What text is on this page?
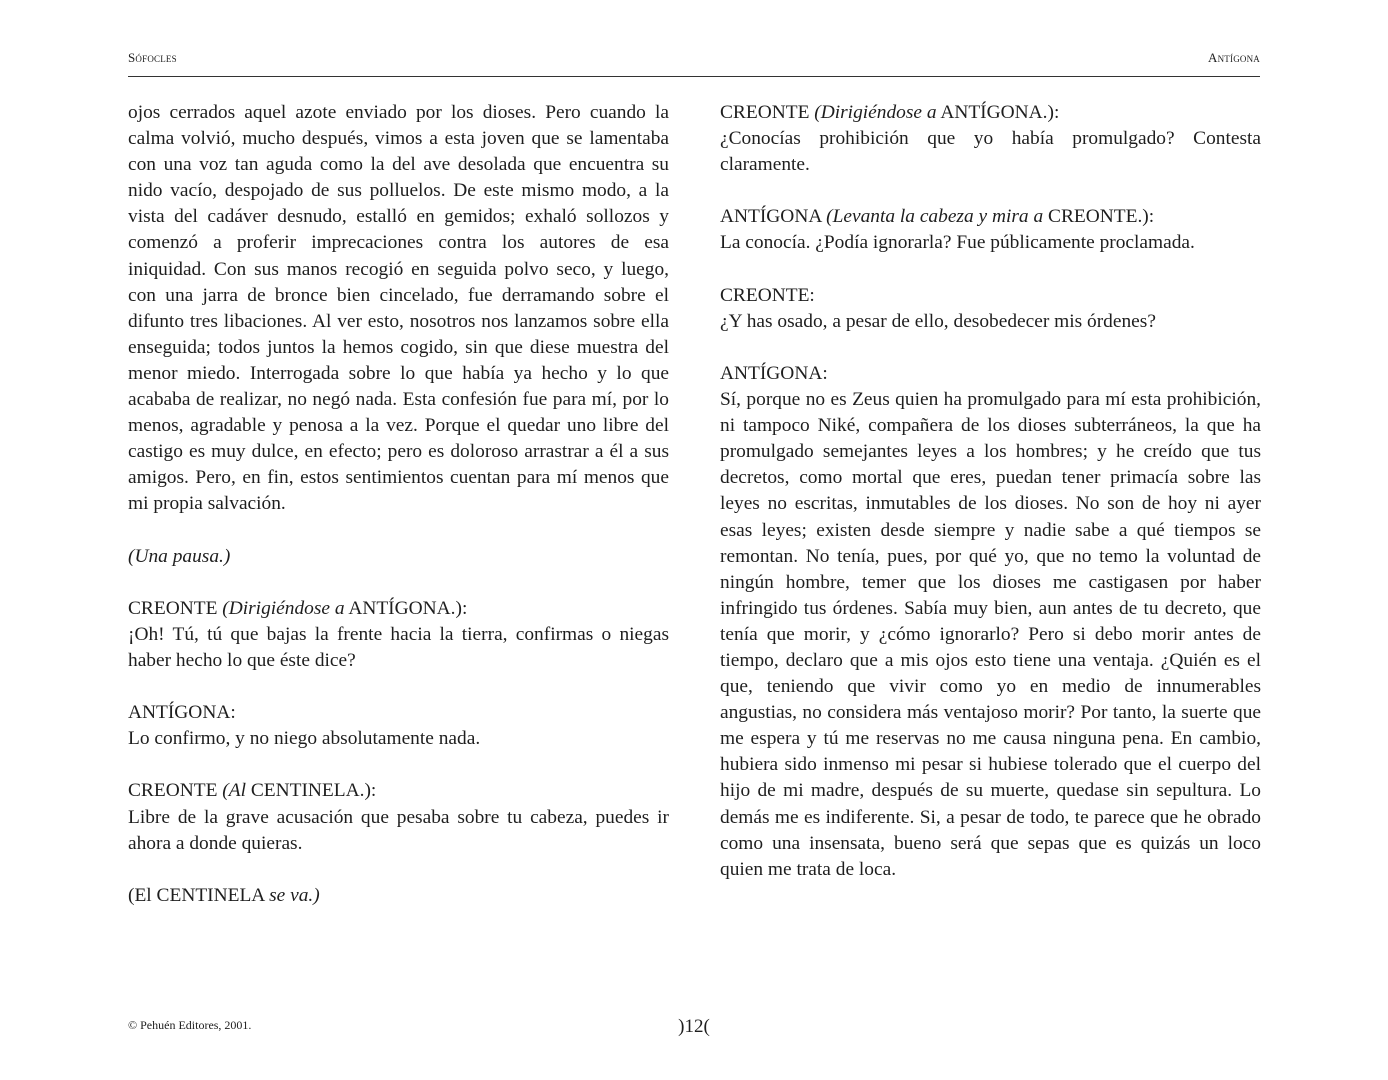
Sófocles	Antígona

ojos cerrados aquel azote enviado por los dioses. Pero cuando la calma volvió, mucho después, vimos a esta joven que se lamentaba con una voz tan aguda como la del ave desolada que encuentra su nido vacío, despojado de sus polluelos. De este mismo modo, a la vista del cadáver desnudo, estalló en gemidos; exhaló sollozos y comenzó a proferir imprecaciones contra los autores de esa iniquidad. Con sus manos recogió en seguida polvo seco, y luego, con una jarra de bronce bien cincelado, fue derramando sobre el difunto tres libaciones. Al ver esto, nosotros nos lanzamos sobre ella enseguida; todos juntos la hemos cogido, sin que diese muestra del menor miedo. Interrogada sobre lo que había ya hecho y lo que acababa de realizar, no negó nada. Esta confesión fue para mí, por lo menos, agradable y penosa a la vez. Porque el quedar uno libre del castigo es muy dulce, en efecto; pero es doloroso arrastrar a él a sus amigos. Pero, en fin, estos sentimientos cuentan para mí menos que mi propia salvación.

(Una pausa.)

CREONTE (Dirigiéndose a ANTÍGONA.):

¡Oh! Tú, tú que bajas la frente hacia la tierra, confirmas o niegas haber hecho lo que éste dice?

ANTÍGONA:

Lo confirmo, y no niego absolutamente nada.

CREONTE (Al CENTINELA.):

Libre de la grave acusación que pesaba sobre tu cabeza, puedes ir ahora a donde quieras.

(El CENTINELA se va.)
CREONTE (Dirigiéndose a ANTÍGONA.):

¿Conocías prohibición que yo había promulgado? Contesta claramente.

ANTÍGONA (Levanta la cabeza y mira a CREONTE.):

La conocía. ¿Podía ignorarla? Fue públicamente proclamada.

CREONTE:

¿Y has osado, a pesar de ello, desobedecer mis órdenes?

ANTÍGONA:

Sí, porque no es Zeus quien ha promulgado para mí esta prohibición, ni tampoco Niké, compañera de los dioses subterráneos, la que ha promulgado semejantes leyes a los hombres; y he creído que tus decretos, como mortal que eres, puedan tener primacía sobre las leyes no escritas, inmutables de los dioses. No son de hoy ni ayer esas leyes; existen desde siempre y nadie sabe a qué tiempos se remontan. No tenía, pues, por qué yo, que no temo la voluntad de ningún hombre, temer que los dioses me castigasen por haber infringido tus órdenes. Sabía muy bien, aun antes de tu decreto, que tenía que morir, y ¿cómo ignorarlo? Pero si debo morir antes de tiempo, declaro que a mis ojos esto tiene una ventaja. ¿Quién es el que, teniendo que vivir como yo en medio de innumerables angustias, no considera más ventajoso morir? Por tanto, la suerte que me espera y tú me reservas no me causa ninguna pena. En cambio, hubiera sido inmenso mi pesar si hubiese tolerado que el cuerpo del hijo de mi madre, después de su muerte, quedase sin sepultura. Lo demás me es indiferente. Si, a pesar de todo, te parece que he obrado como una insensata, bueno será que sepas que es quizás un loco quien me trata de loca.

© Pehuén Editores, 2001.	)12(
